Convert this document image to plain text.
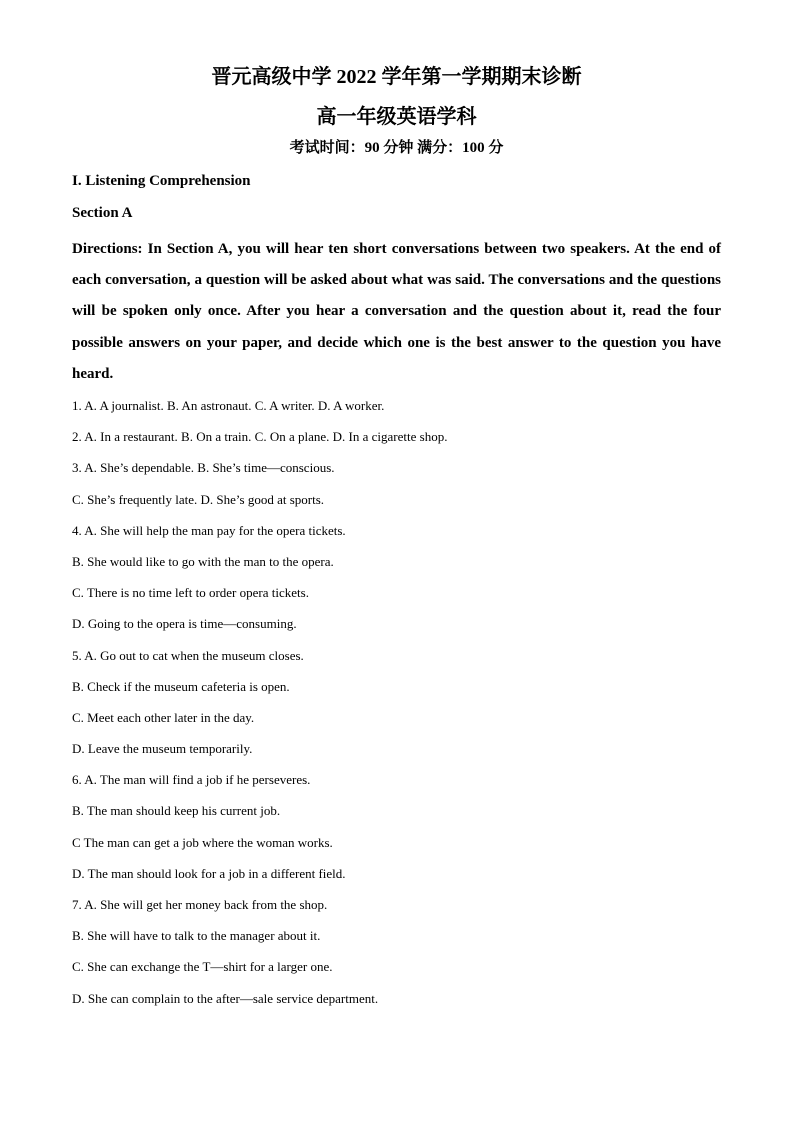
晋元高级中学 2022 学年第一学期期末诊断
高一年级英语学科
考试时间：90 分钟 满分：100 分
I. Listening Comprehension
Section A
Directions: In Section A, you will hear ten short conversations between two speakers. At the end of each conversation, a question will be asked about what was said. The conversations and the questions will be spoken only once. After you hear a conversation and the question about it, read the four possible answers on your paper, and decide which one is the best answer to the question you have heard.
1. A. A journalist. B. An astronaut. C. A writer. D. A worker.
2. A. In a restaurant. B. On a train. C. On a plane. D. In a cigarette shop.
3. A. She’s dependable. B. She’s time—conscious.
C. She’s frequently late. D. She’s good at sports.
4. A. She will help the man pay for the opera tickets.
B. She would like to go with the man to the opera.
C. There is no time left to order opera tickets.
D. Going to the opera is time—consuming.
5. A. Go out to cat when the museum closes.
B. Check if the museum cafeteria is open.
C. Meet each other later in the day.
D. Leave the museum temporarily.
6. A. The man will find a job if he perseveres.
B. The man should keep his current job.
C The man can get a job where the woman works.
D. The man should look for a job in a different field.
7. A. She will get her money back from the shop.
B. She will have to talk to the manager about it.
C. She can exchange the T—shirt for a larger one.
D. She can complain to the after—sale service department.
